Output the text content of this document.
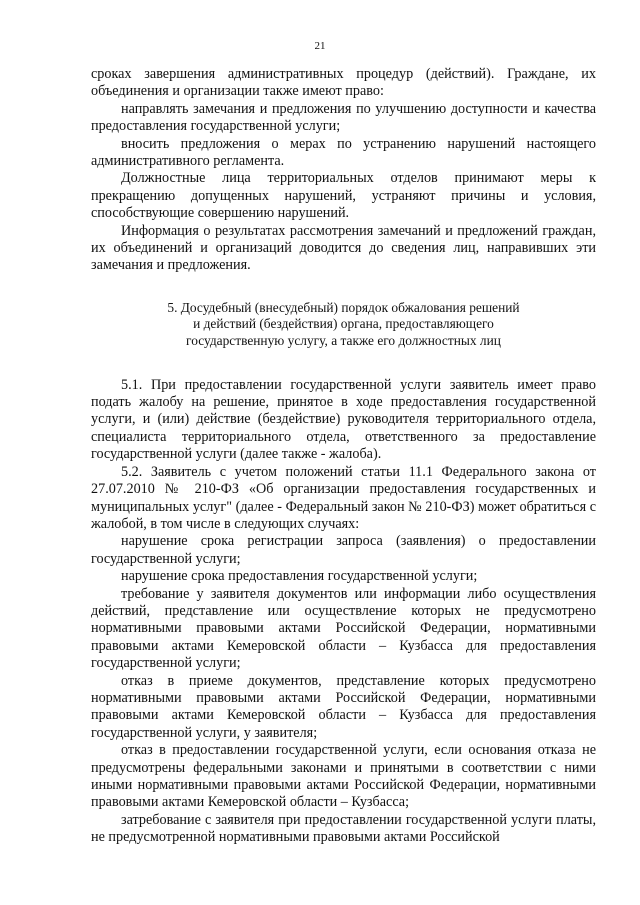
21

сроках завершения административных процедур (действий). Граждане, их объединения и организации также имеют право:

направлять замечания и предложения по улучшению доступности и качества предоставления государственной услуги;

вносить предложения о мерах по устранению нарушений настоящего административного регламента.

Должностные лица территориальных отделов принимают меры к прекращению допущенных нарушений, устраняют причины и условия, способствующие совершению нарушений.

Информация о результатах рассмотрения замечаний и предложений граждан, их объединений и организаций доводится до сведения лиц, направивших эти замечания и предложения.

5. Досудебный (внесудебный) порядок обжалования решений
и действий (бездействия) органа, предоставляющего
государственную услугу, а также его должностных лиц

5.1. При предоставлении государственной услуги заявитель имеет право подать жалобу на решение, принятое в ходе предоставления государственной услуги, и (или) действие (бездействие) руководителя территориального отдела, специалиста территориального отдела, ответственного за предоставление государственной услуги (далее также - жалоба).

5.2. Заявитель с учетом положений статьи 11.1 Федерального закона от 27.07.2010 № 210-ФЗ «Об организации предоставления государственных и муниципальных услуг" (далее - Федеральный закон № 210-ФЗ) может обратиться с жалобой, в том числе в следующих случаях:

нарушение срока регистрации запроса (заявления) о предоставлении государственной услуги;

нарушение срока предоставления государственной услуги;

требование у заявителя документов или информации либо осуществления действий, представление или осуществление которых не предусмотрено нормативными правовыми актами Российской Федерации, нормативными правовыми актами Кемеровской области – Кузбасса для предоставления государственной услуги;

отказ в приеме документов, представление которых предусмотрено нормативными правовыми актами Российской Федерации, нормативными правовыми актами Кемеровской области – Кузбасса для предоставления государственной услуги, у заявителя;

отказ в предоставлении государственной услуги, если основания отказа не предусмотрены федеральными законами и принятыми в соответствии с ними иными нормативными правовыми актами Российской Федерации, нормативными правовыми актами Кемеровской области – Кузбасса;

затребование с заявителя при предоставлении государственной услуги платы, не предусмотренной нормативными правовыми актами Российской
